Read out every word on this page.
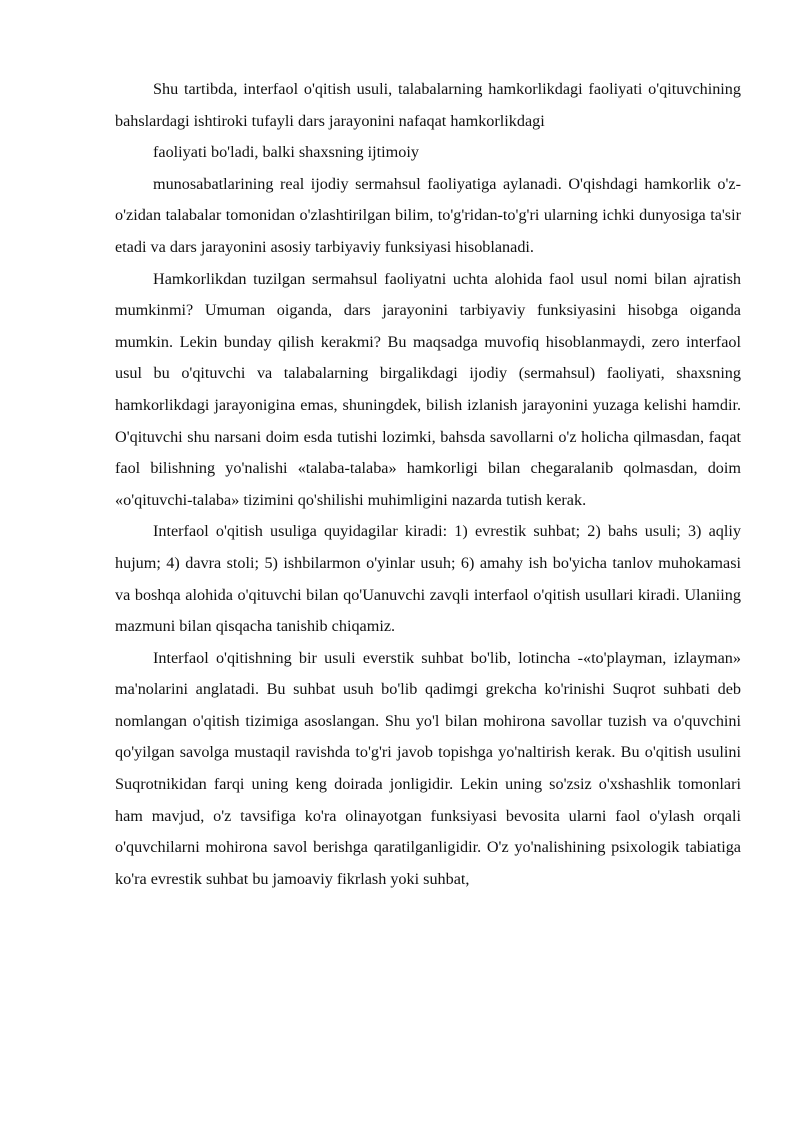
Shu tartibda, interfaol o'qitish usuli, talabalarning hamkorlikdagi faoliyati o'qituvchining bahslardagi ishtiroki tufayli dars jarayonini nafaqat hamkorlikdagi
faoliyati bo'ladi, balki shaxsning ijtimoiy

munosabatlarining real ijodiy sermahsul faoliyatiga aylanadi. O'qishdagi hamkorlik o'z-o'zidan talabalar tomonidan o'zlashtirilgan bilim, to'g'ridan-to'g'ri ularning ichki dunyosiga ta'sir etadi va dars jarayonini asosiy tarbiyaviy funksiyasi hisoblanadi.

Hamkorlikdan tuzilgan sermahsul faoliyatni uchta alohida faol usul nomi bilan ajratish mumkinmi? Umuman oiganda, dars jarayonini tarbiyaviy funksiyasini hisobga oiganda mumkin. Lekin bunday qilish kerakmi? Bu maqsadga muvofiq hisoblanmaydi, zero interfaol usul bu o'qituvchi va talabalarning birgalikdagi ijodiy (sermahsul) faoliyati, shaxsning hamkorlikdagi jarayonigina emas, shuningdek, bilish izlanish jarayonini yuzaga kelishi hamdir. O'qituvchi shu narsani doim esda tutishi lozimki, bahsda savollarni o'z holicha qilmasdan, faqat faol bilishning yo'nalishi «talaba-talaba» hamkorligi bilan chegaralanib qolmasdan, doim «o'qituvchi-talaba» tizimini qo'shilishi muhimligini nazarda tutish kerak.

Interfaol o'qitish usuliga quyidagilar kiradi: 1) evrestik suhbat; 2) bahs usuli; 3) aqliy hujum; 4) davra stoli; 5) ishbilarmon o'yinlar usuh; 6) amahy ish bo'yicha tanlov muhokamasi va boshqa alohida o'qituvchi bilan qo'Uanuvchi zavqli interfaol o'qitish usullari kiradi. Ulaniing mazmuni bilan qisqacha tanishib chiqamiz.

Interfaol o'qitishning bir usuli everstik suhbat bo'lib, lotincha -«to'playman, izlayman» ma'nolarini anglatadi. Bu suhbat usuh bo'lib qadimgi grekcha ko'rinishi Suqrot suhbati deb nomlangan o'qitish tizimiga asoslangan. Shu yo'l bilan mohirona savollar tuzish va o'quvchini qo'yilgan savolga mustaqil ravishda to'g'ri javob topishga yo'naltirish kerak. Bu o'qitish usulini Suqrotnikidan farqi uning keng doirada jonligidir. Lekin uning so'zsiz o'xshashlik tomonlari ham mavjud, o'z tavsifiga ko'ra olinayotgan funksiyasi bevosita ularni faol o'ylash orqali o'quvchilarni mohirona savol berishga qaratilganligidir. O'z yo'nalishining psixologik tabiatiga ko'ra evrestik suhbat bu jamoaviy fikrlash yoki suhbat,
